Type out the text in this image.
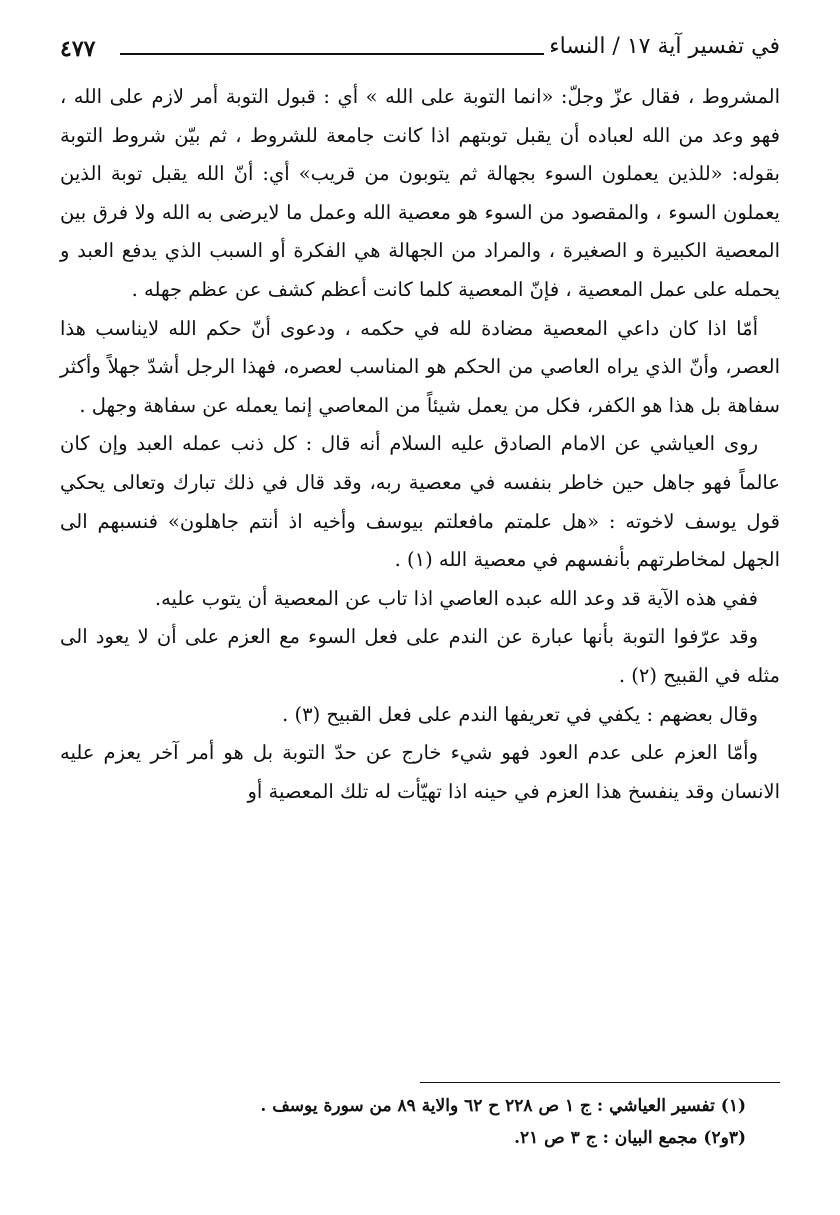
٤٧٧	في تفسير آية ١٧ / النساء

المشروط ، فقال عزّ وجلّ: «انما التوبة على الله » أي : قبول التوبة أمر لازم على الله ، فهو وعد من الله لعباده أن يقبل توبتهم اذا كانت جامعة للشروط ، ثم بيّن شروط التوبة بقوله: «للذين يعملون السوء بجهالة ثم يتوبون من قريب» أي: أنّ الله يقبل توبة الذين يعملون السوء ، والمقصود من السوء هو معصية الله وعمل ما لايرضى به الله ولا فرق بين المعصية الكبيرة و الصغيرة ، والمراد من الجهالة هي الفكرة أو السبب الذي يدفع العبد و يحمله على عمل المعصية ، فإنّ المعصية كلما كانت أعظم كشف عن عظم جهله .

أمّا اذا كان داعي المعصية مضادة لله في حكمه ، ودعوى أنّ حكم الله لايناسب هذا العصر، وأنّ الذي يراه العاصي من الحكم هو المناسب لعصره، فهذا الرجل أشدّ جهلاً وأكثر سفاهة بل هذا هو الكفر، فكل من يعمل شيئاً من المعاصي إنما يعمله عن سفاهة وجهل .

روى العياشي عن الامام الصادق عليه السلام أنه قال : كل ذنب عمله العبد وإن كان عالماً فهو جاهل حين خاطر بنفسه في معصية ربه، وقد قال في ذلك تبارك وتعالى يحكي قول يوسف لاخوته : «هل علمتم مافعلتم بيوسف وأخيه اذ أنتم جاهلون» فنسبهم الى الجهل لمخاطرتهم بأنفسهم في معصية الله (١) .

ففي هذه الآية قد وعد الله عبده العاصي اذا تاب عن المعصية أن يتوب عليه.

وقد عرّفوا التوبة بأنها عبارة عن الندم على فعل السوء مع العزم على أن لا يعود الى مثله في القبيح (٢) .

وقال بعضهم : يكفي في تعريفها الندم على فعل القبيح (٣) .

وأمّا العزم على عدم العود فهو شيء خارج عن حدّ التوبة بل هو أمر آخر يعزم عليه الانسان وقد ينفسخ هذا العزم في حينه اذا تهيّأت له تلك المعصية أو

(١) تفسير العياشي : ج ١ ص ٢٢٨ ح ٦٢ والاية ٨٩ من سورة يوسف .
(٣و٢) مجمع البيان : ج ٣ ص ٢١.
